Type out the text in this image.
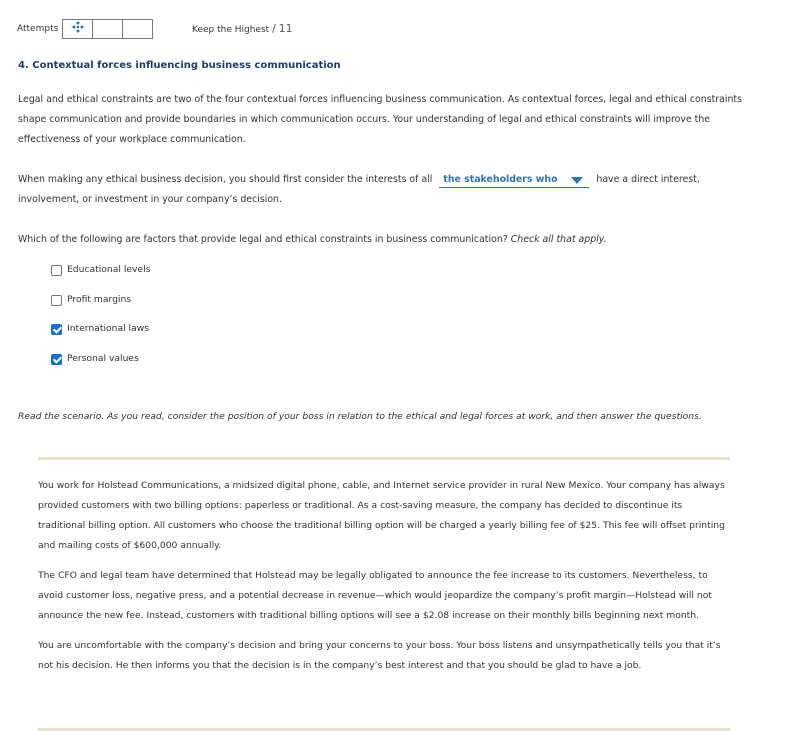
Attempts	Keep the Highest / 11
4. Contextual forces influencing business communication
Legal and ethical constraints are two of the four contextual forces influencing business communication. As contextual forces, legal and ethical constraints shape communication and provide boundaries in which communication occurs. Your understanding of legal and ethical constraints will improve the effectiveness of your workplace communication.
When making any ethical business decision, you should first consider the interests of all the stakeholders who	have a direct interest, involvement, or investment in your company’s decision.
Which of the following are factors that provide legal and ethical constraints in business communication? Check all that apply.
Educational levels
Profit margins
International laws
Personal values
Read the scenario. As you read, consider the position of your boss in relation to the ethical and legal forces at work, and then answer the questions.

You work for Holstead Communications, a midsized digital phone, cable, and Internet service provider in rural New Mexico. Your company has always provided customers with two billing options: paperless or traditional. As a cost-saving measure, the company has decided to discontinue its traditional billing option. All customers who choose the traditional billing option will be charged a yearly billing fee of $25. This fee will offset printing and mailing costs of $600,000 annually.

The CFO and legal team have determined that Holstead may be legally obligated to announce the fee increase to its customers. Nevertheless, to avoid customer loss, negative press, and a potential decrease in revenue—which would jeopardize the company’s profit margin—Holstead will not announce the new fee. Instead, customers with traditional billing options will see a $2.08 increase on their monthly bills beginning next month.

You are uncomfortable with the company’s decision and bring your concerns to your boss. Your boss listens and unsympathetically tells you that it’s not his decision. He then informs you that the decision is in the company’s best interest and that you should be glad to have a job.
